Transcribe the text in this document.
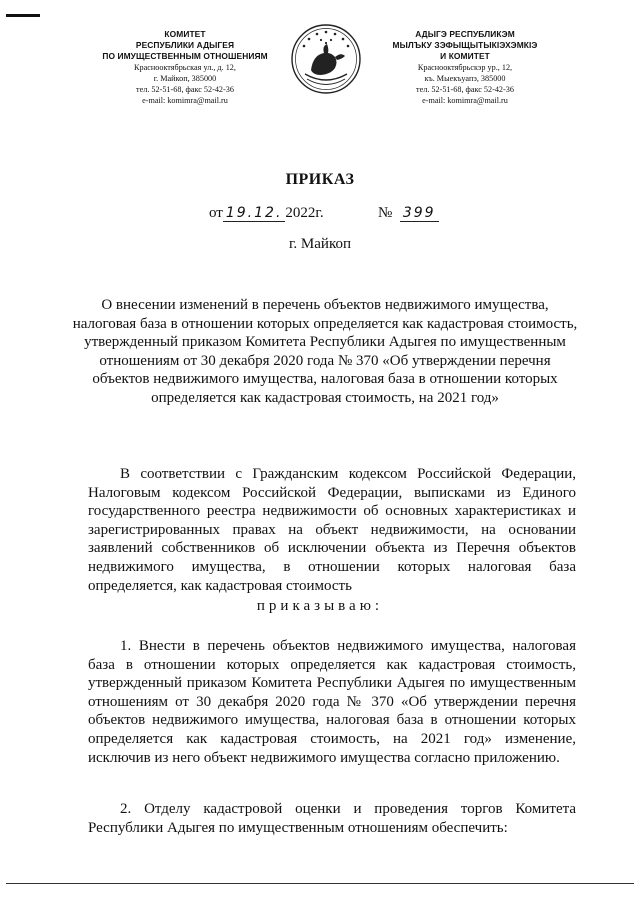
КОМИТЕТ
РЕСПУБЛИКИ АДЫГЕЯ
ПО ИМУЩЕСТВЕННЫМ ОТНОШЕНИЯМ
Красноoктябрьская ул., д. 12,
г. Майкоп, 385000
тел. 52-51-68, факс 52-42-36
e-mail: komimra@mail.ru
АДЫГЭ РЕСПУБЛИКЭМ
МЫЛЪКУ ЗЭФЫЩЫТЫКІЭХЭМКІЭ
И КОМИТЕТ
Красноoктябрьскэр ур., 12,
къ. Мыекъуапэ, 385000
тел. 52-51-68, факс 52-42-36
e-mail: komimra@mail.ru
ПРИКАЗ
от 19.12. 2022г.	№ 399
г. Майкоп
О внесении изменений в перечень объектов недвижимого имущества, налоговая база в отношении которых определяется как кадастровая стоимость, утвержденный приказом Комитета Республики Адыгея по имущественным отношениям от 30 декабря 2020 года № 370 «Об утверждении перечня объектов недвижимого имущества, налоговая база в отношении которых определяется как кадастровая стоимость, на 2021 год»
В соответствии с Гражданским кодексом Российской Федерации, Налоговым кодексом Российской Федерации, выписками из Единого государственного реестра недвижимости об основных характеристиках и зарегистрированных правах на объект недвижимости, на основании заявлений собственников об исключении объекта из Перечня объектов недвижимого имущества, в отношении которых налоговая база определяется, как кадастровая стоимость
приказываю:
1. Внести в перечень объектов недвижимого имущества, налоговая база в отношении которых определяется как кадастровая стоимость, утвержденный приказом Комитета Республики Адыгея по имущественным отношениям от 30 декабря 2020 года № 370 «Об утверждении перечня объектов недвижимого имущества, налоговая база в отношении которых определяется как кадастровая стоимость, на 2021 год» изменение, исключив из него объект недвижимого имущества согласно приложению.
2. Отделу кадастровой оценки и проведения торгов Комитета Республики Адыгея по имущественным отношениям обеспечить:
